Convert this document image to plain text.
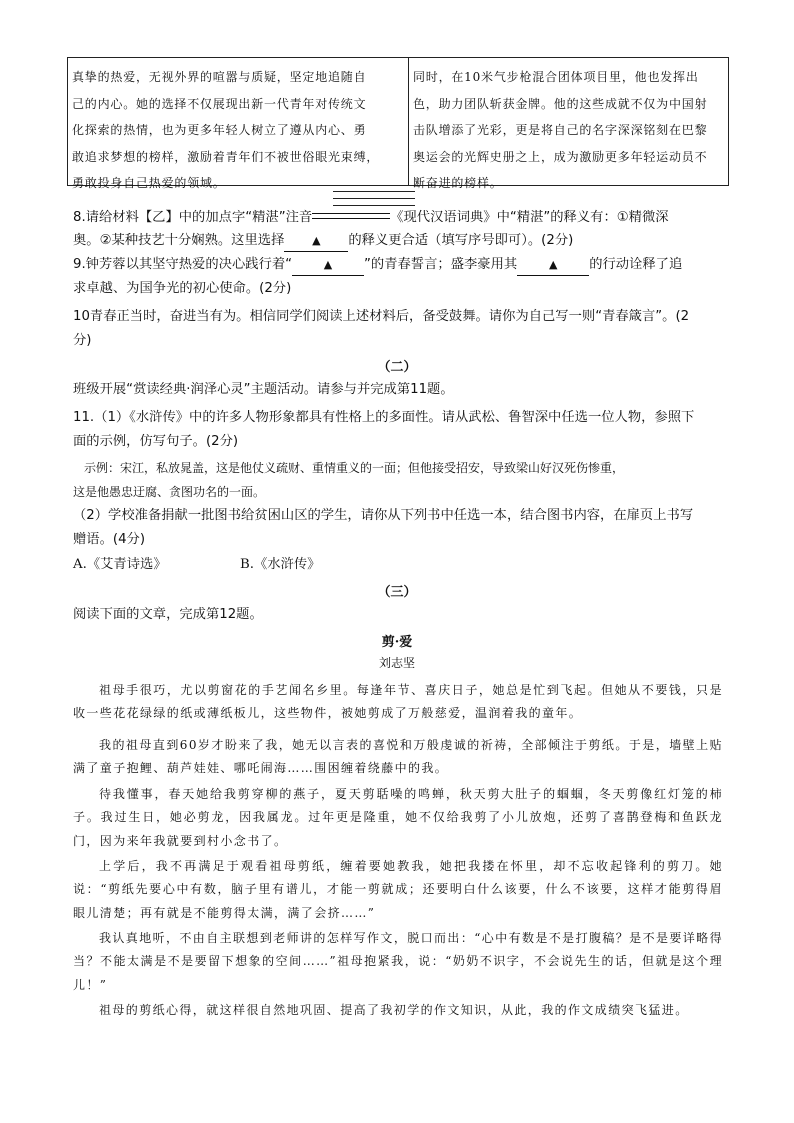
真挚的热爱，无视外界的喧嚣与质疑，坚定地追随自
己的内心。她的选择不仅展现出新一代青年对传统文
化探索的热情，也为更多年轻人树立了遵从内心、勇
敢追求梦想的榜样，激励着青年们不被世俗眼光束缚，
勇敢投身自己热爱的领域。
同时，在10米气步枪混合团体项目里，他也发挥出
色，助力团队斩获金牌。他的这些成就不仅为中国射
击队增添了光彩，更是将自己的名字深深铭刻在巴黎
奥运会的光辉史册之上，成为激励更多年轻运动员不
断奋进的榜样。
8.请给材料【乙】中的加点字“精湛”注音	《现代汉语词典》中“精湛”的释义有：①精微深
奥。②某种技艺十分娴熟。这里选择	▲ 的释义更合适（填写序号即可）。(2分)
9.钟芳蓉以其坚守热爱的决心践行着“	▲ ”的青春誓言；盛李豪用其	▲ 的行动诠释了追
求卓越、为国争光的初心使命。(2分)
10青春正当时，奋进当有为。相信同学们阅读上述材料后，备受鼓舞。请你为自己写一则“青春箴言”。(2
分)
（二）
班级开展“赏读经典·润泽心灵”主题活动。请参与并完成第11题。
11.（1）《水浒传》中的许多人物形象都具有性格上的多面性。请从武松、鲁智深中任选一位人物，参照下
面的示例，仿写句子。(2分)
示例：宋江，私放晁盖，这是他仗义疏财、重情重义的一面；但他接受招安，导致梁山好汉死伤惨重，
这是他愚忠迂腐、贪图功名的一面。
（2）学校准备捐献一批图书给贫困山区的学生，请你从下列书中任选一本，结合图书内容，在扉页上书写
赠语。(4分)
A.《艾青诗选》	B.《水浒传》
（三）
阅读下面的文章，完成第12题。
剪·爱
刘志坚
祖母手很巧，尤以剪窗花的手艺闻名乡里。每逢年节、喜庆日子，她总是忙到飞起。但她从不要钱，只是收一些花花绿绿的纸或薄纸板儿，这些物件，被她剪成了万般慈爱，温润着我的童年。
我的祖母直到60岁才盼来了我，她无以言表的喜悦和万般虔诚的祈祷，全部倾注于剪纸。于是，墙壁上贴满了童子抱鲤、葫芦娃娃、哪吒闹海……围困缠着绕藤中的我。
待我懂事，春天她给我剪穿柳的燕子，夏天剪聒噪的鸣蝉，秋天剪大肚子的蝈蝈，冬天剪像红灯笼的柿子。我过生日，她必剪龙，因我属龙。过年更是隆重，她不仅给我剪了小儿放炮，还剪了喜鹊登梅和鱼跃龙门，因为来年我就要到村小念书了。
上学后，我不再满足于观看祖母剪纸，缠着要她教我，她把我搂在怀里，却不忘收起锋利的剪刀。她说：“剪纸先要心中有数，脑子里有谱儿，才能一剪就成；还要明白什么该要，什么不该要，这样才能剪得眉眼儿清楚；再有就是不能剪得太满，满了会挤……”
我认真地听，不由自主联想到老师讲的怎样写作文，脱口而出：“心中有数是不是打腹稿？是不是要详略得当？不能太满是不是要留下想象的空间……”祖母抱紧我，说：“奶奶不识字，不会说先生的话，但就是这个理儿！”
祖母的剪纸心得，就这样很自然地巩固、提高了我初学的作文知识，从此，我的作文成绩突飞猛进。
